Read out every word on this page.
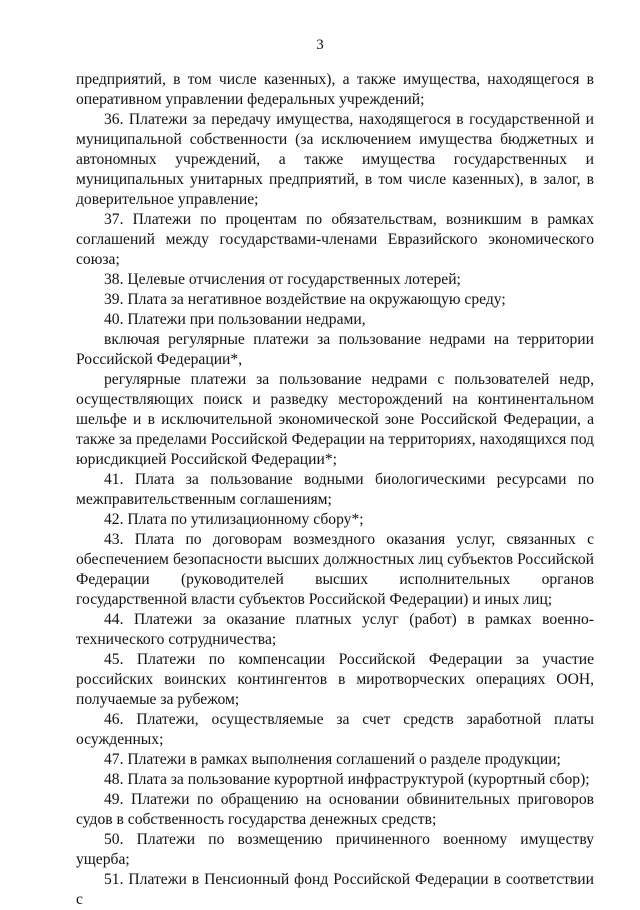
3

предприятий, в том числе казенных), а также имущества, находящегося в оперативном управлении федеральных учреждений;

36. Платежи за передачу имущества, находящегося в государственной и муниципальной собственности (за исключением имущества бюджетных и автономных учреждений, а также имущества государственных и муниципальных унитарных предприятий, в том числе казенных), в залог, в доверительное управление;

37. Платежи по процентам по обязательствам, возникшим в рамках соглашений между государствами-членами Евразийского экономического союза;

38. Целевые отчисления от государственных лотерей;

39. Плата за негативное воздействие на окружающую среду;

40. Платежи при пользовании недрами,

включая регулярные платежи за пользование недрами на территории Российской Федерации*,

регулярные платежи за пользование недрами с пользователей недр, осуществляющих поиск и разведку месторождений на континентальном шельфе и в исключительной экономической зоне Российской Федерации, а также за пределами Российской Федерации на территориях, находящихся под юрисдикцией Российской Федерации*;

41. Плата за пользование водными биологическими ресурсами по межправительственным соглашениям;

42. Плата по утилизационному сбору*;

43. Плата по договорам возмездного оказания услуг, связанных с обеспечением безопасности высших должностных лиц субъектов Российской Федерации (руководителей высших исполнительных органов государственной власти субъектов Российской Федерации) и иных лиц;

44. Платежи за оказание платных услуг (работ) в рамках военно-технического сотрудничества;

45. Платежи по компенсации Российской Федерации за участие российских воинских контингентов в миротворческих операциях ООН, получаемые за рубежом;

46. Платежи, осуществляемые за счет средств заработной платы осужденных;

47. Платежи в рамках выполнения соглашений о разделе продукции;

48. Плата за пользование курортной инфраструктурой (курортный сбор);

49. Платежи по обращению на основании обвинительных приговоров судов в собственность государства денежных средств;

50. Платежи по возмещению причиненного военному имуществу ущерба;

51. Платежи в Пенсионный фонд Российской Федерации в соответствии с
